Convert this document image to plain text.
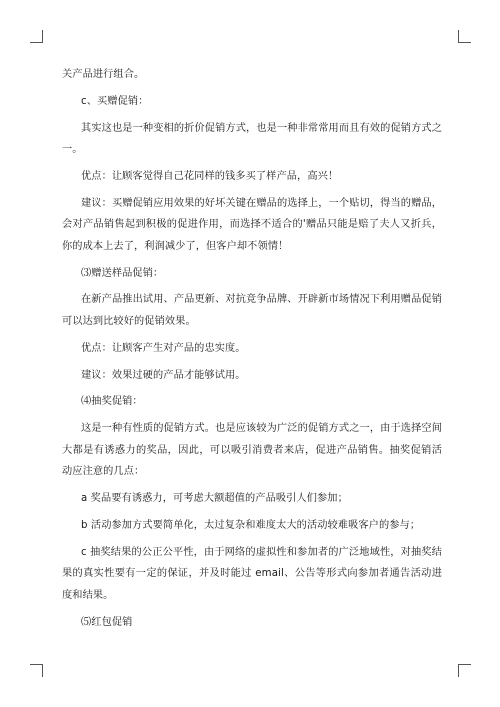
关产品进行组合。

c、买赠促销：

其实这也是一种变相的折价促销方式，也是一种非常常用而且有效的促销方式之一。

优点：让顾客觉得自己花同样的钱多买了样产品，高兴！

建议：买赠促销应用效果的好坏关键在赠品的选择上，一个贴切，得当的赠品，会对产品销售起到积极的促进作用，而选择不适合的'赠品只能是赔了夫人又折兵，你的成本上去了，利润减少了，但客户却不领情！

⑶赠送样品促销：

在新产品推出试用、产品更新、对抗竞争品牌、开辟新市场情况下利用赠品促销可以达到比较好的促销效果。

优点：让顾客产生对产品的忠实度。

建议：效果过硬的产品才能够试用。

⑷抽奖促销：

这是一种有性质的促销方式。也是应该较为广泛的促销方式之一，由于选择空间大都是有诱惑力的奖品，因此，可以吸引消费者来店，促进产品销售。抽奖促销活动应注意的几点：

a 奖品要有诱惑力，可考虑大额超值的产品吸引人们参加；

b 活动参加方式要简单化，太过复杂和难度太大的活动较难吸客户的参与；

c 抽奖结果的公正公平性，由于网络的虚拟性和参加者的广泛地域性，对抽奖结果的真实性要有一定的保证，并及时能过 email、公告等形式向参加者通告活动进度和结果。

⑸红包促销
